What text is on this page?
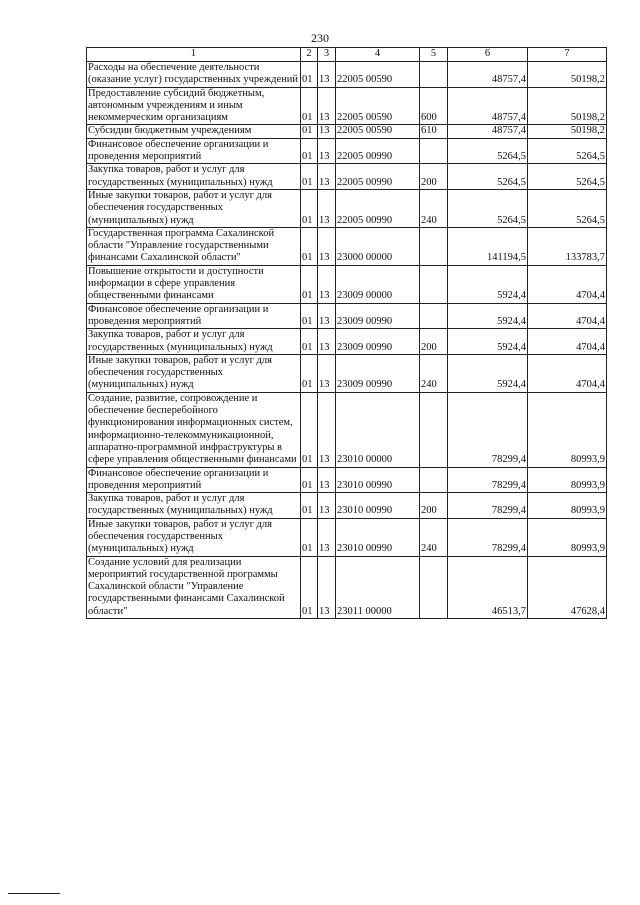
230
1	2	3	4	5	6	7
Расходы на обеспечение деятельности (оказание услуг) государственных учреждений	01	13	22005 00590		48757,4	50198,2
Предоставление субсидий бюджетным, автономным учреждениям и иным некоммерческим организациям	01	13	22005 00590	600	48757,4	50198,2
Субсидии бюджетным учреждениям	01	13	22005 00590	610	48757,4	50198,2
Финансовое обеспечение организации и проведения мероприятий	01	13	22005 00990		5264,5	5264,5
Закупка товаров, работ и услуг для государственных (муниципальных) нужд	01	13	22005 00990	200	5264,5	5264,5
Иные закупки товаров, работ и услуг для обеспечения государственных (муниципальных) нужд	01	13	22005 00990	240	5264,5	5264,5
Государственная программа Сахалинской области "Управление государственными финансами Сахалинской области"	01	13	23000 00000		141194,5	133783,7
Повышение открытости и доступности информации в сфере управления общественными финансами	01	13	23009 00000		5924,4	4704,4
Финансовое обеспечение организации и проведения мероприятий	01	13	23009 00990		5924,4	4704,4
Закупка товаров, работ и услуг для государственных (муниципальных) нужд	01	13	23009 00990	200	5924,4	4704,4
Иные закупки товаров, работ и услуг для обеспечения государственных (муниципальных) нужд	01	13	23009 00990	240	5924,4	4704,4
Создание, развитие, сопровождение и обеспечение бесперебойного функционирования информационных систем, информационно-телекоммуникационной, аппаратно-программной инфраструктуры в сфере управления общественными финансами	01	13	23010 00000		78299,4	80993,9
Финансовое обеспечение организации и проведения мероприятий	01	13	23010 00990		78299,4	80993,9
Закупка товаров, работ и услуг для государственных (муниципальных) нужд	01	13	23010 00990	200	78299,4	80993,9
Иные закупки товаров, работ и услуг для обеспечения государственных (муниципальных) нужд	01	13	23010 00990	240	78299,4	80993,9
Создание условий для реализации мероприятий государственной программы Сахалинской области "Управление государственными финансами Сахалинской области"	01	13	23011 00000		46513,7	47628,4
